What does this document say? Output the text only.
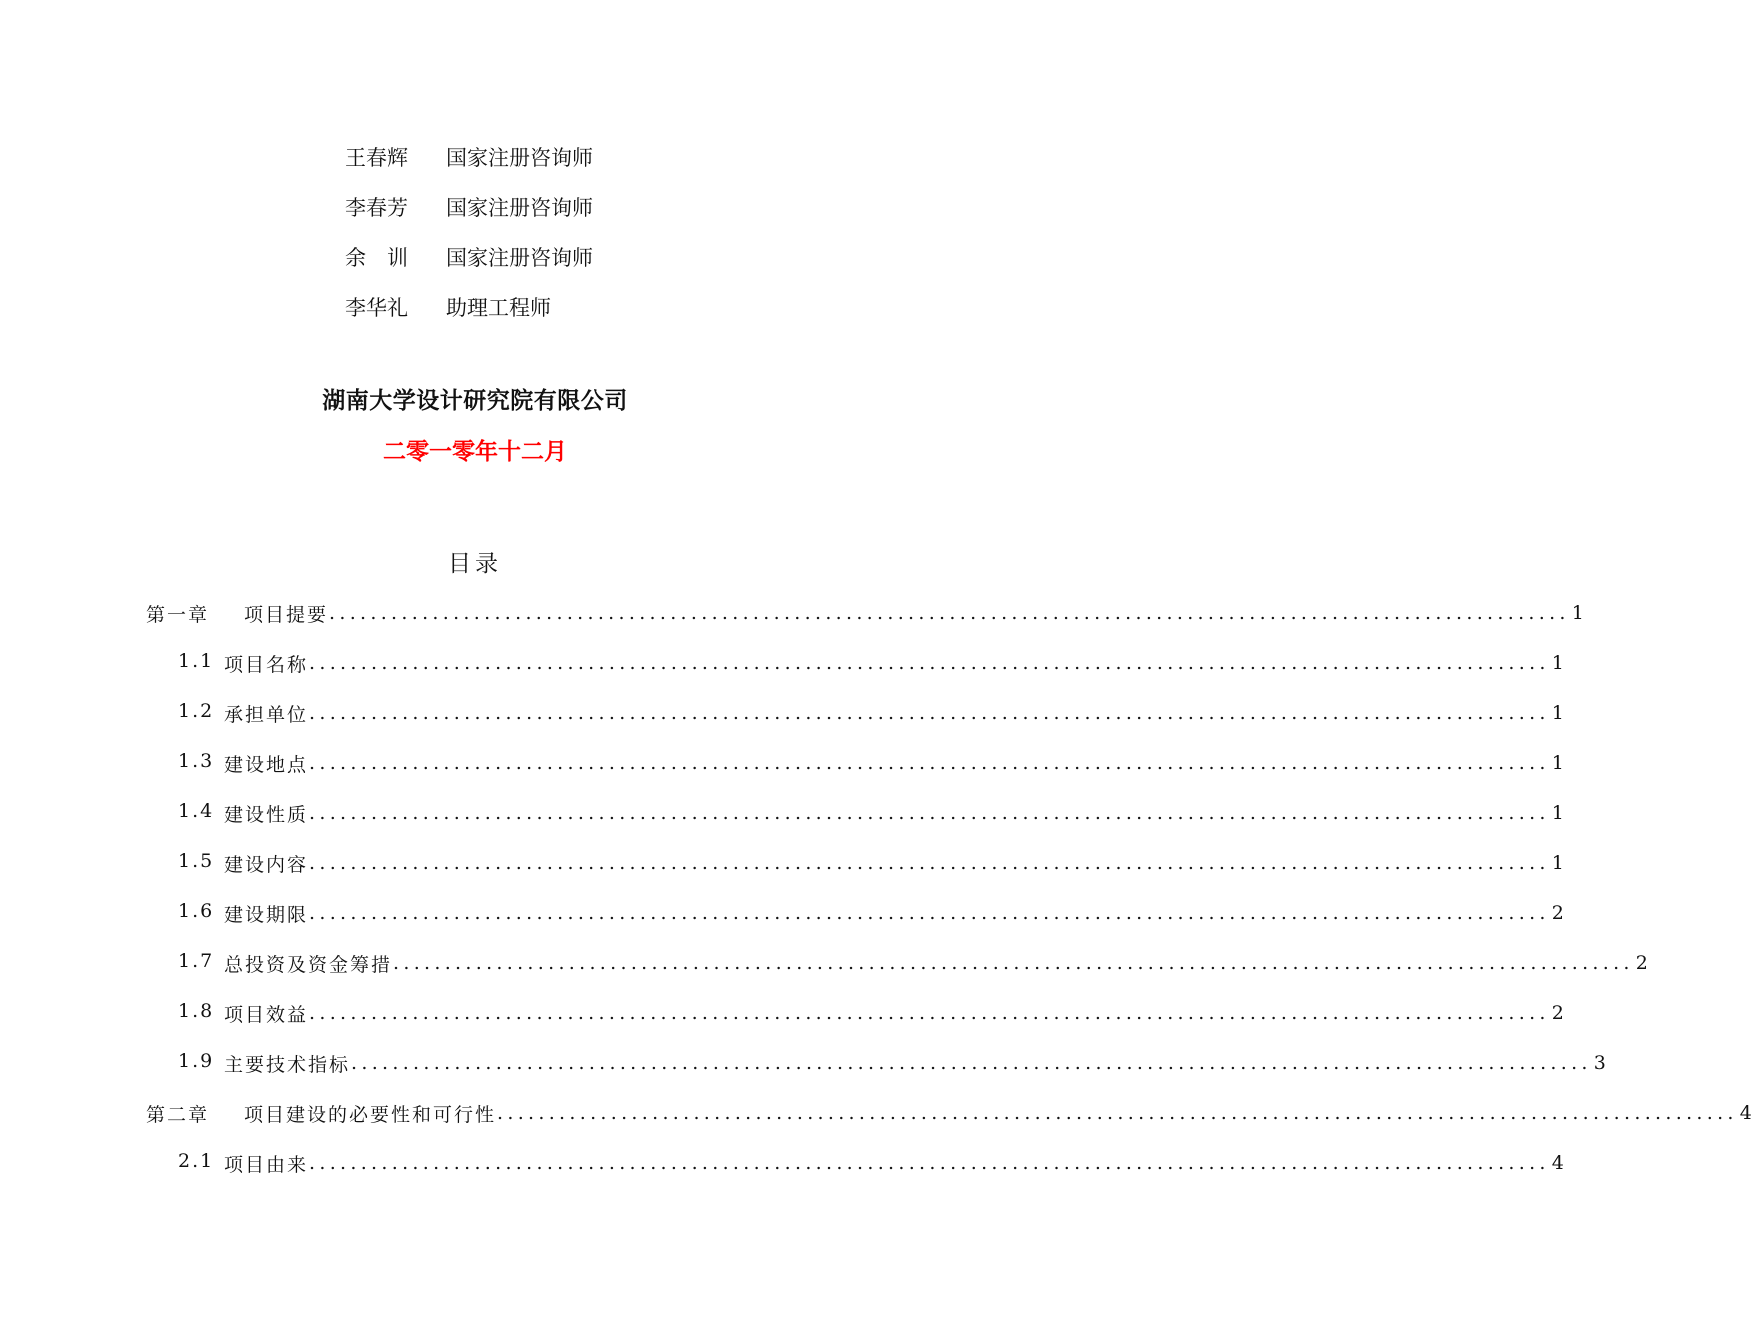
王春辉	国家注册咨询师
李春芳	国家注册咨询师
余　训	国家注册咨询师
李华礼	助理工程师
湖南大学设计研究院有限公司
二零一零年十二月
目录
第一章	项目提要 ........................................................................................................................ 1
1.1 项目名称 ........................................................................................................................ 1
1.2 承担单位 ........................................................................................................................ 1
1.3 建设地点 ........................................................................................................................ 1
1.4 建设性质 ........................................................................................................................ 1
1.5 建设内容 ........................................................................................................................ 1
1.6 建设期限 ........................................................................................................................ 2
1.7 总投资及资金筹措 ........................................................................................................................ 2
1.8 项目效益 ........................................................................................................................ 2
1.9 主要技术指标 ........................................................................................................................ 3
第二章	项目建设的必要性和可行性 ........................................................................................................................ 4
2.1 项目由来 ........................................................................................................................ 4
